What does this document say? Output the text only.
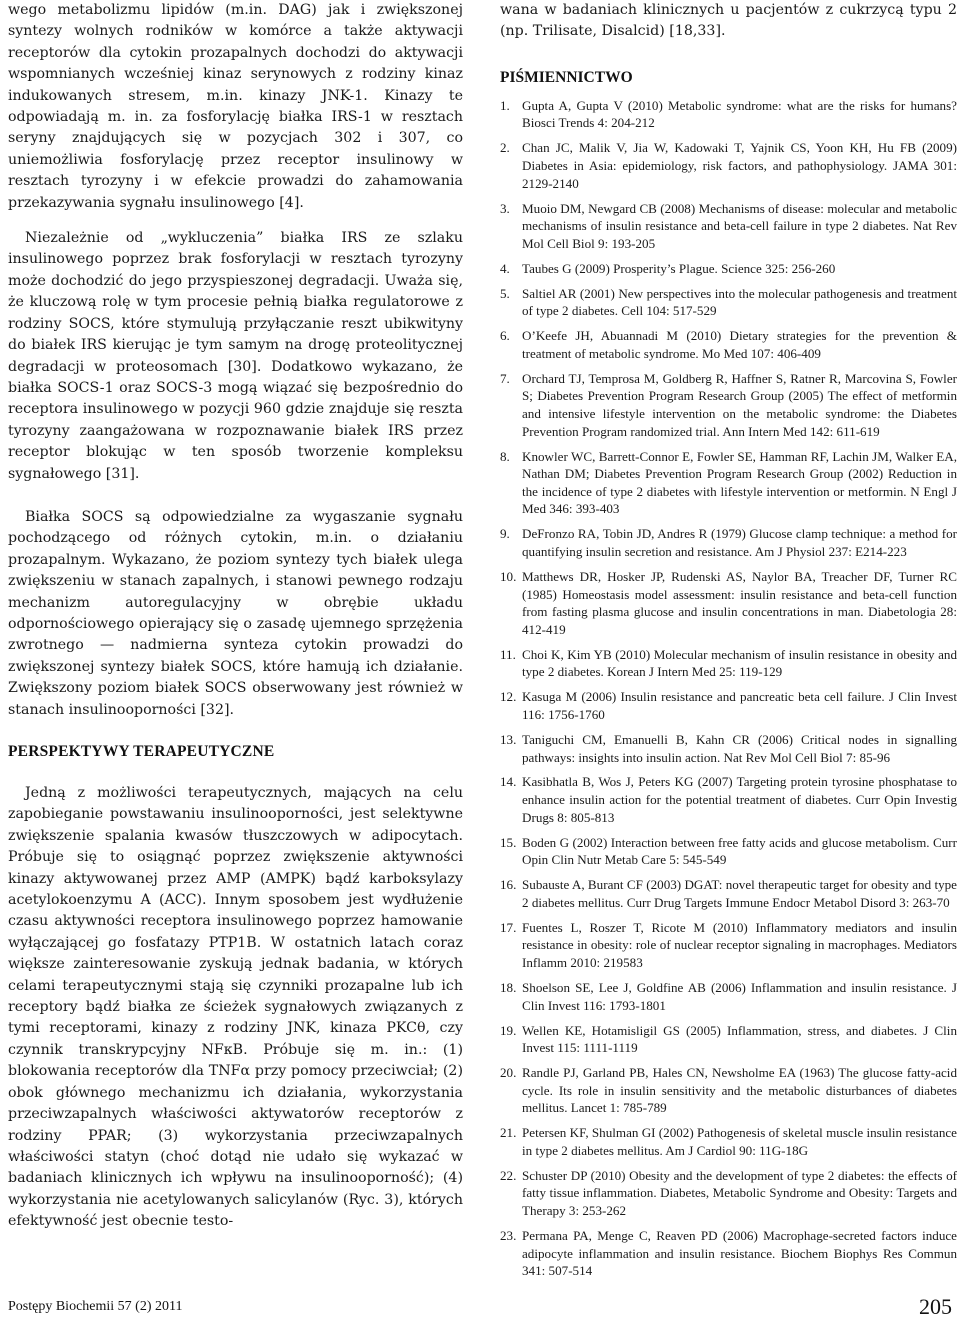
wego metabolizmu lipidów (m.in. DAG) jak i zwiększonej syntezy wolnych rodników w komórce a także aktywacji receptorów dla cytokin prozapalnych dochodzi do aktywacji wspomnianych wcześniej kinaz serynowych z rodziny kinaz indukowanych stresem, m.in. kinazy JNK-1. Kinazy te odpowiadają m. in. za fosforylację białka IRS-1 w resztach seryny znajdujących się w pozycjach 302 i 307, co uniemożliwia fosforylację przez receptor insulinowy w resztach tyrozyny i w efekcie prowadzi do zahamowania przekazywania sygnału insulinowego [4].

Niezależnie od „wykluczenia” białka IRS ze szlaku insulinowego poprzez brak fosforylacji w resztach tyrozyny może dochodzić do jego przyspieszonej degradacji. Uważa się, że kluczową rolę w tym procesie pełnią białka regulatorowe z rodziny SOCS, które stymulują przyłączanie reszt ubikwityny do białek IRS kierując je tym samym na drogę proteolitycznej degradacji w proteosomach [30]. Dodatkowo wykazano, że białka SOCS-1 oraz SOCS-3 mogą wiązać się bezpośrednio do receptora insulinowego w pozycji 960 gdzie znajduje się reszta tyrozyny zaangażowana w rozpoznawanie białek IRS przez receptor blokując w ten sposób tworzenie kompleksu sygnałowego [31].

Białka SOCS są odpowiedzialne za wygaszanie sygnału pochodzącego od różnych cytokin, m.in. o działaniu prozapalnym. Wykazano, że poziom syntezy tych białek ulega zwiększeniu w stanach zapalnych, i stanowi pewnego rodzaju mechanizm autoregulacyjny w obrębie układu odpornościowego opierający się o zasadę ujemnego sprzężenia zwrotnego — nadmierna synteza cytokin prowadzi do zwiększonej syntezy białek SOCS, które hamują ich działanie. Zwiększony poziom białek SOCS obserwowany jest również w stanach insulinooporności [32].

PERSPEKTYWY TERAPEUTYCZNE

Jedną z możliwości terapeutycznych, mających na celu zapobieganie powstawaniu insulinooporności, jest selektywne zwiększenie spalania kwasów tłuszczowych w adipocytach. Próbuje się to osiągnąć poprzez zwiększenie aktywności kinazy aktywowanej przez AMP (AMPK) bądź karboksylazy acetylokoenzymu A (ACC). Innym sposobem jest wydłużenie czasu aktywności receptora insulinowego poprzez hamowanie wyłączającej go fosfatazy PTP1B. W ostatnich latach coraz większe zainteresowanie zyskują jednak badania, w których celami terapeutycznymi stają się czynniki prozapalne lub ich receptory bądź białka ze ścieżek sygnałowych związanych z tymi receptorami, kinazy z rodziny JNK, kinaza PKCθ, czy czynnik transkrypcyjny NFκB. Próbuje się m. in.: (1) blokowania receptorów dla TNFα przy pomocy przeciwciał; (2) obok głównego mechanizmu ich działania, wykorzystania przeciwzapalnych właściwości aktywatorów receptorów z rodziny PPAR; (3) wykorzystania przeciwzapalnych właściwości statyn (choć dotąd nie udało się wykazać w badaniach klinicznych ich wpływu na insulinooporność); (4) wykorzystania nie acetylowanych salicylanów (Ryc. 3), których efektywność jest obecnie testo-

wana w badaniach klinicznych u pacjentów z cukrzycą typu 2 (np. Trilisate, Disalcid) [18,33].

PIŚMIENNICTWO
1. Gupta A, Gupta V (2010) Metabolic syndrome: what are the risks for humans? Biosci Trends 4: 204-212
2. Chan JC, Malik V, Jia W, Kadowaki T, Yajnik CS, Yoon KH, Hu FB (2009) Diabetes in Asia: epidemiology, risk factors, and pathophysiology. JAMA 301: 2129-2140
3. Muoio DM, Newgard CB (2008) Mechanisms of disease: molecular and metabolic mechanisms of insulin resistance and beta-cell failure in type 2 diabetes. Nat Rev Mol Cell Biol 9: 193-205
4. Taubes G (2009) Prosperity’s Plague. Science 325: 256-260
5. Saltiel AR (2001) New perspectives into the molecular pathogenesis and treatment of type 2 diabetes. Cell 104: 517-529
6. O’Keefe JH, Abuannadi M (2010) Dietary strategies for the prevention & treatment of metabolic syndrome. Mo Med 107: 406-409
7. Orchard TJ, Temprosa M, Goldberg R, Haffner S, Ratner R, Marcovina S, Fowler S; Diabetes Prevention Program Research Group (2005) The effect of metformin and intensive lifestyle intervention on the metabolic syndrome: the Diabetes Prevention Program randomized trial. Ann Intern Med 142: 611-619
8. Knowler WC, Barrett-Connor E, Fowler SE, Hamman RF, Lachin JM, Walker EA, Nathan DM; Diabetes Prevention Program Research Group (2002) Reduction in the incidence of type 2 diabetes with lifestyle intervention or metformin. N Engl J Med 346: 393-403
9. DeFronzo RA, Tobin JD, Andres R (1979) Glucose clamp technique: a method for quantifying insulin secretion and resistance. Am J Physiol 237: E214-223
10. Matthews DR, Hosker JP, Rudenski AS, Naylor BA, Treacher DF, Turner RC (1985) Homeostasis model assessment: insulin resistance and beta-cell function from fasting plasma glucose and insulin concentrations in man. Diabetologia 28: 412-419
11. Choi K, Kim YB (2010) Molecular mechanism of insulin resistance in obesity and type 2 diabetes. Korean J Intern Med 25: 119-129
12. Kasuga M (2006) Insulin resistance and pancreatic beta cell failure. J Clin Invest 116: 1756-1760
13. Taniguchi CM, Emanuelli B, Kahn CR (2006) Critical nodes in signalling pathways: insights into insulin action. Nat Rev Mol Cell Biol 7: 85-96
14. Kasibhatla B, Wos J, Peters KG (2007) Targeting protein tyrosine phosphatase to enhance insulin action for the potential treatment of diabetes. Curr Opin Investig Drugs 8: 805-813
15. Boden G (2002) Interaction between free fatty acids and glucose metabolism. Curr Opin Clin Nutr Metab Care 5: 545-549
16. Subauste A, Burant CF (2003) DGAT: novel therapeutic target for obesity and type 2 diabetes mellitus. Curr Drug Targets Immune Endocr Metabol Disord 3: 263-70
17. Fuentes L, Roszer T, Ricote M (2010) Inflammatory mediators and insulin resistance in obesity: role of nuclear receptor signaling in macrophages. Mediators Inflamm 2010: 219583
18. Shoelson SE, Lee J, Goldfine AB (2006) Inflammation and insulin resistance. J Clin Invest 116: 1793-1801
19. Wellen KE, Hotamisligil GS (2005) Inflammation, stress, and diabetes. J Clin Invest 115: 1111-1119
20. Randle PJ, Garland PB, Hales CN, Newsholme EA (1963) The glucose fatty-acid cycle. Its role in insulin sensitivity and the metabolic disturbances of diabetes mellitus. Lancet 1: 785-789
21. Petersen KF, Shulman GI (2002) Pathogenesis of skeletal muscle insulin resistance in type 2 diabetes mellitus. Am J Cardiol 90: 11G-18G
22. Schuster DP (2010) Obesity and the development of type 2 diabetes: the effects of fatty tissue inflammation. Diabetes, Metabolic Syndrome and Obesity: Targets and Therapy 3: 253-262
23. Permana PA, Menge C, Reaven PD (2006) Macrophage-secreted factors induce adipocyte inflammation and insulin resistance. Biochem Biophys Res Commun 341: 507-514
Postępy Biochemii 57 (2) 2011	205
